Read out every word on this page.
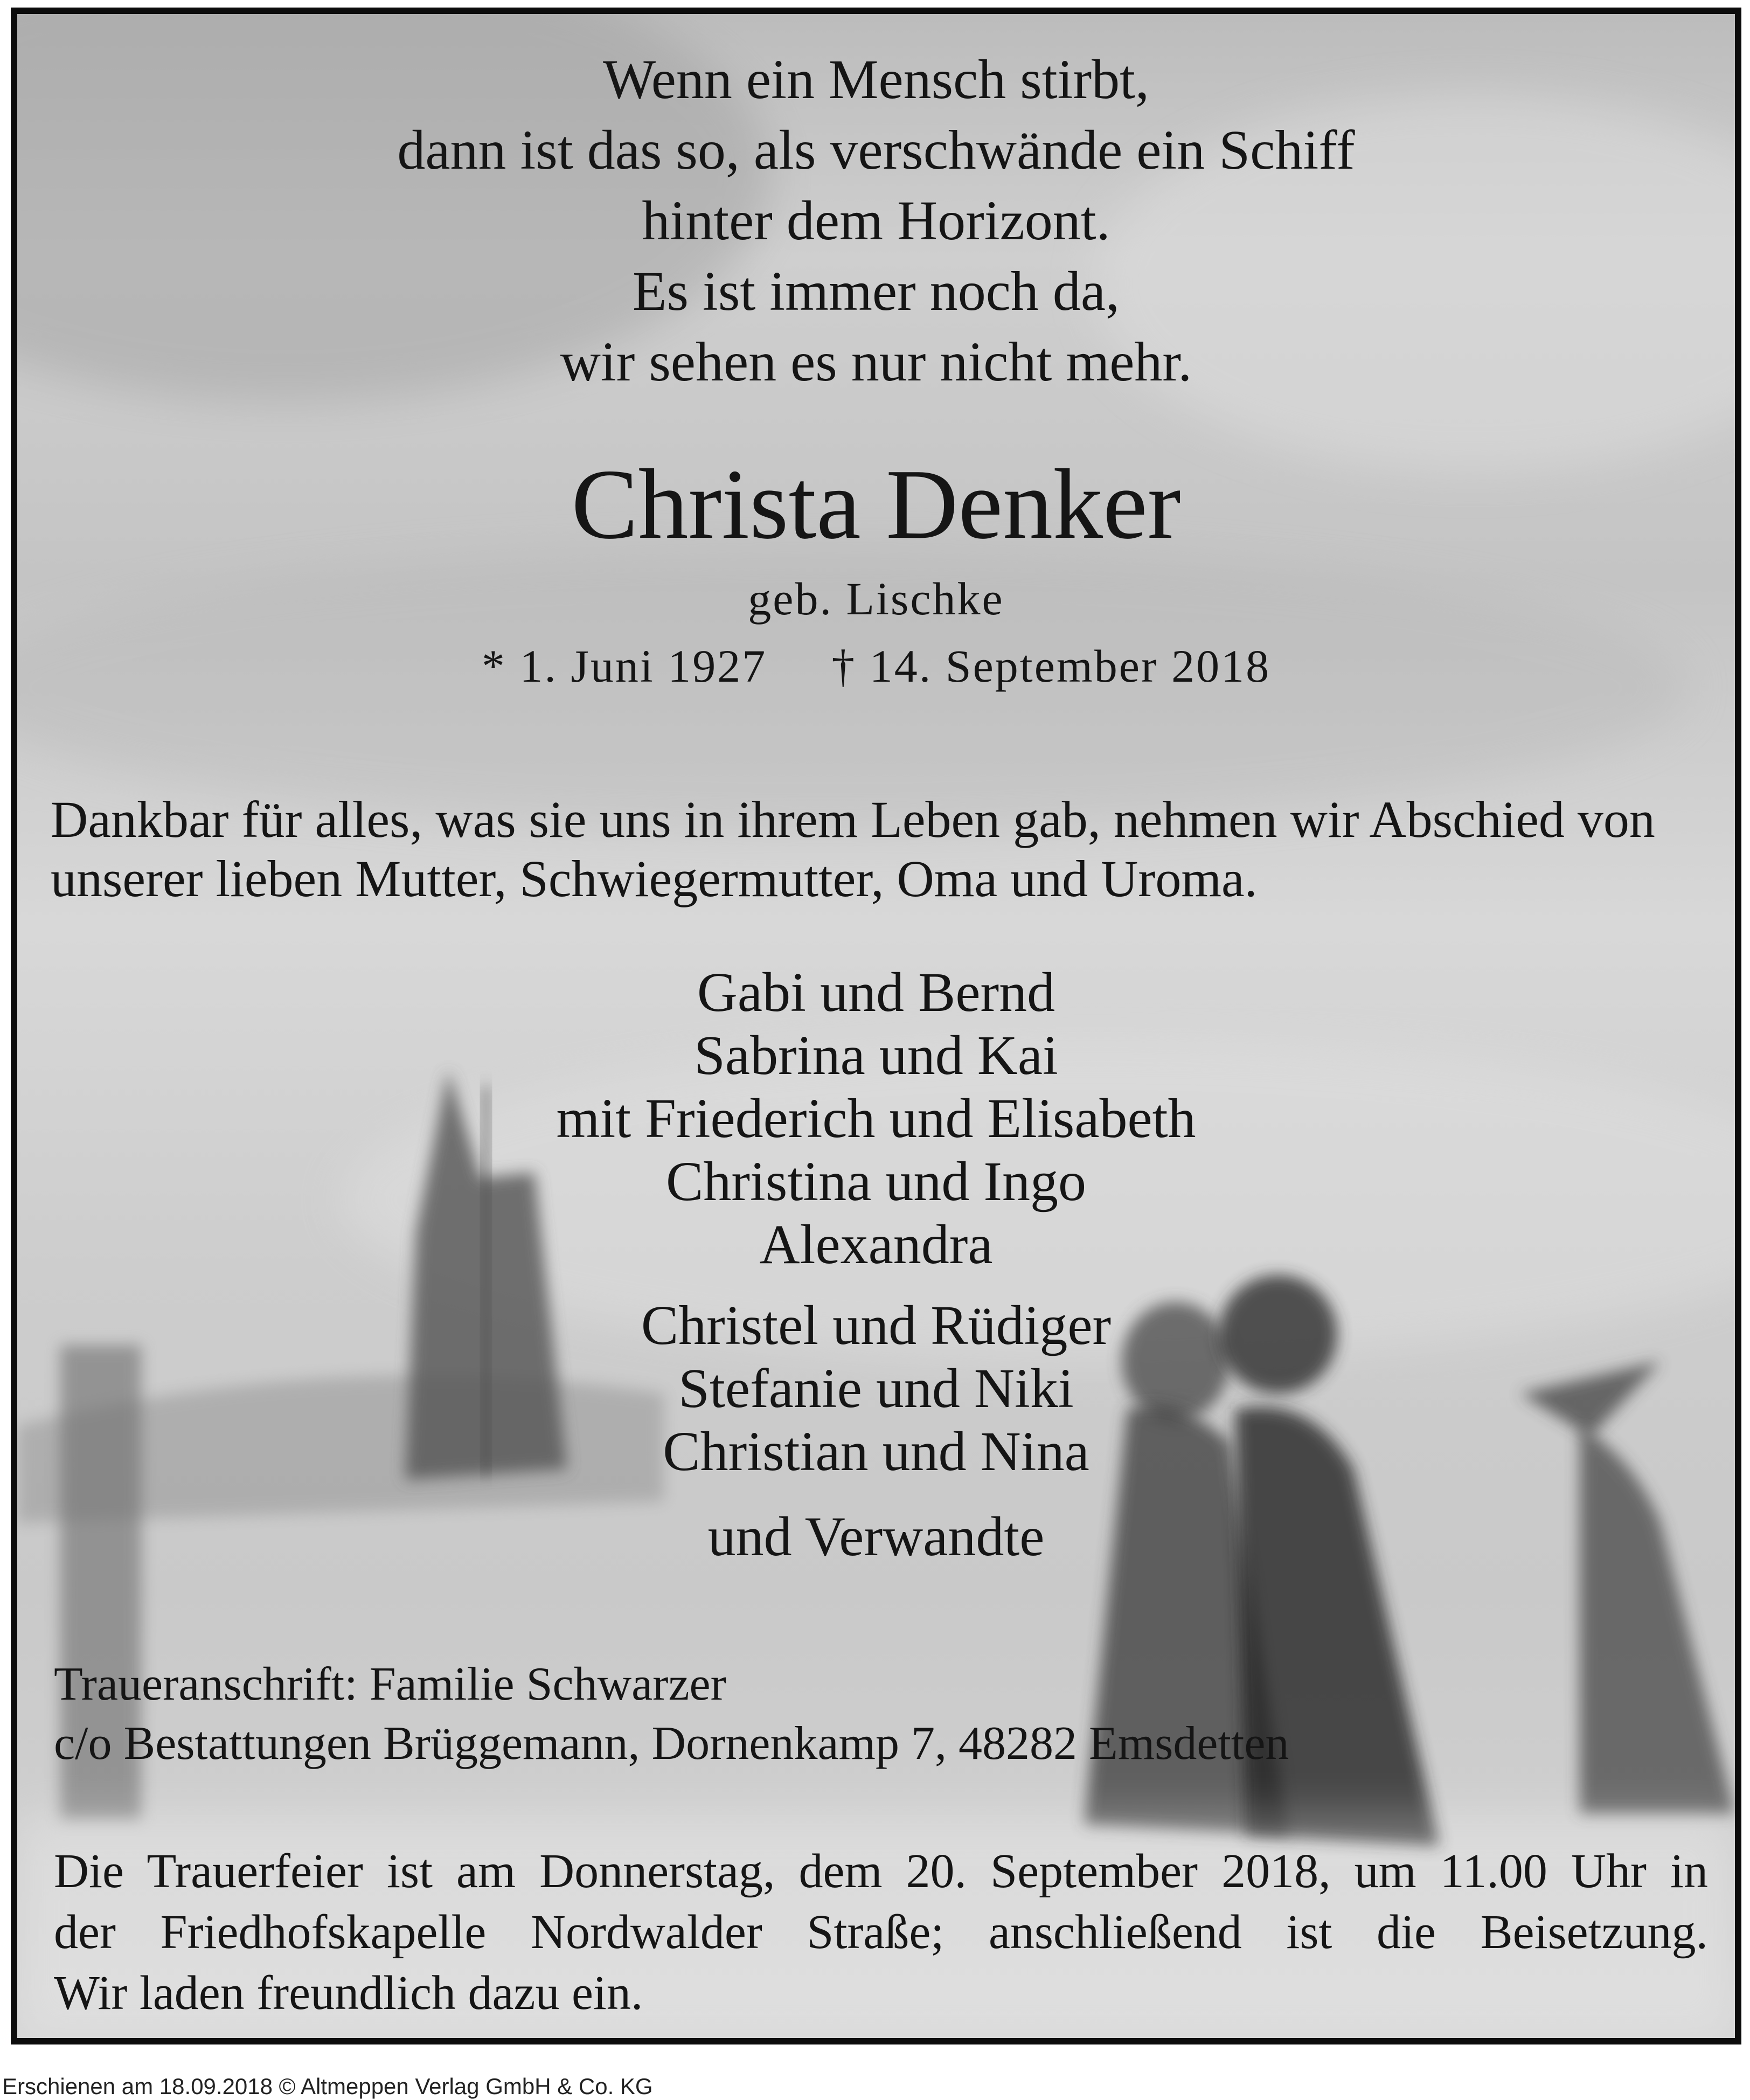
Wenn ein Mensch stirbt,
dann ist das so, als verschwände ein Schiff
hinter dem Horizont.
Es ist immer noch da,
wir sehen es nur nicht mehr.
Christa Denker
geb. Lischke
* 1. Juni 1927 † 14. September 2018
Dankbar für alles, was sie uns in ihrem Leben gab, nehmen wir Abschied von
unserer lieben Mutter, Schwiegermutter, Oma und Uroma.
Gabi und Bernd
Sabrina und Kai
mit Friederich und Elisabeth
Christina und Ingo
Alexandra
Christel und Rüdiger
Stefanie und Niki
Christian und Nina
und Verwandte
Traueranschrift: Familie Schwarzer
c/o Bestattungen Brüggemann, Dornenkamp 7, 48282 Emsdetten
Die Trauerfeier ist am Donnerstag, dem 20. September 2018, um 11.00 Uhr in
der Friedhofskapelle Nordwalder Straße; anschließend ist die Beisetzung.
Wir laden freundlich dazu ein.
Erschienen am 18.09.2018 © Altmeppen Verlag GmbH & Co. KG
